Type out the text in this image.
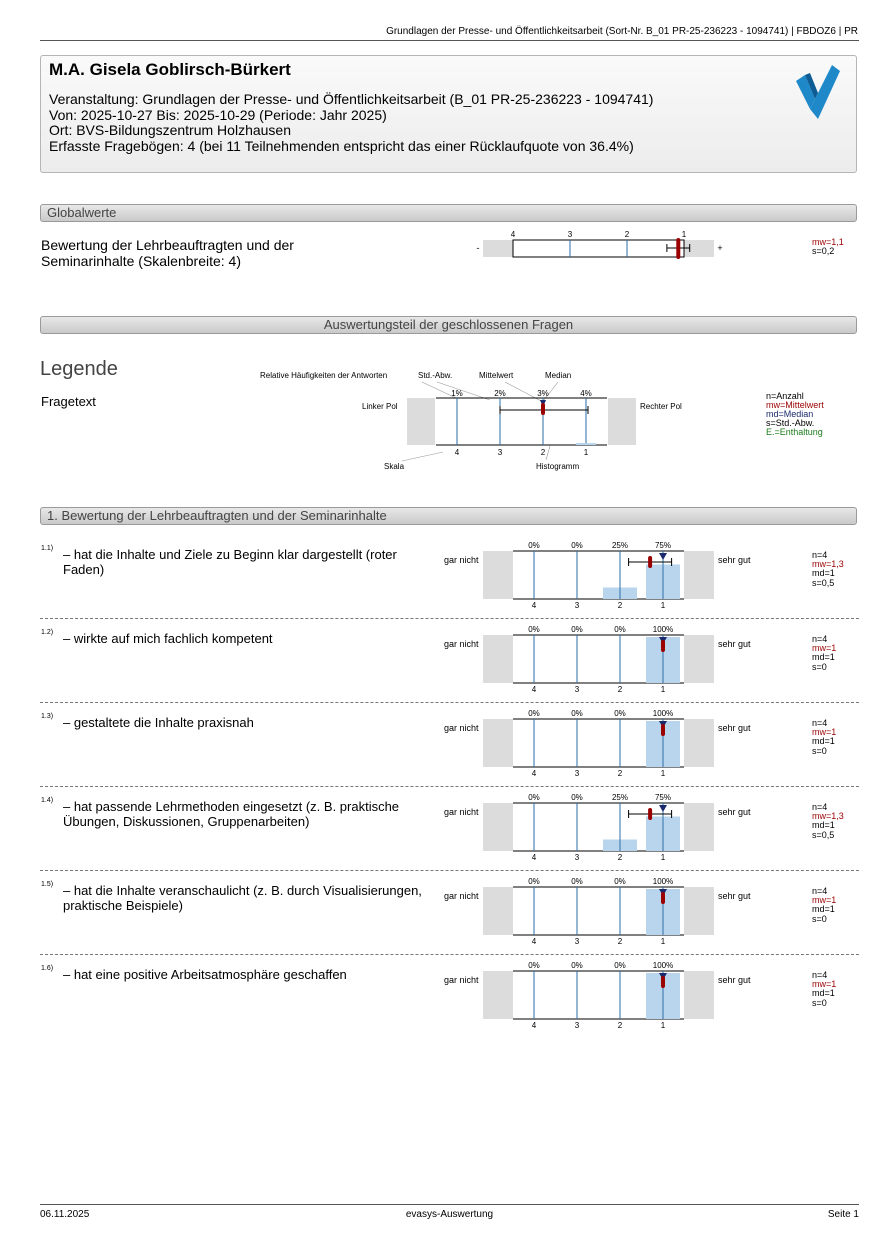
Grundlagen der Presse- und Öffentlichkeitsarbeit (Sort-Nr. B_01 PR-25-236223 - 1094741) | FBDOZ6 | PR
M.A. Gisela Goblirsch-Bürkert
Veranstaltung: Grundlagen der Presse- und Öffentlichkeitsarbeit (B_01 PR-25-236223 - 1094741)
Von: 2025-10-27 Bis: 2025-10-29 (Periode: Jahr 2025)
Ort: BVS-Bildungszentrum Holzhausen
Erfasste Fragebögen: 4 (bei 11 Teilnehmenden entspricht das einer Rücklaufquote von 36.4%)
Globalwerte
Bewertung der Lehrbeauftragten und der Seminarinhalte (Skalenbreite: 4)
-	+
4	3	2	1
mw=1,1
s=0,2
Auswertungsteil der geschlossenen Fragen
Legende
Fragetext
Relative Häufigkeiten der Antworten	Std.-Abw.	Mittelwert	Median
Linker Pol	Rechter Pol
1%
4
2%
3
3%
2
4%
1
Skala	Histogramm
n=Anzahl
mw=Mittelwert
md=Median
s=Std.-Abw.
E.=Enthaltung
1. Bewertung der Lehrbeauftragten und der Seminarinhalte
1.1) – hat die Inhalte und Ziele zu Beginn klar dargestellt (roter Faden)
gar nicht	sehr gut	n=4
mw=1,3
md=1
s=0,5
0%
4
0%
3
25%
2
75%
1
1.2) – wirkte auf mich fachlich kompetent	gar nicht	sehr gut	n=4
mw=1
md=1
s=0
0%
4
0%
3
0%
2
100%
1
1.3) – gestaltete die Inhalte praxisnah	gar nicht	sehr gut	n=4
mw=1
md=1
s=0
0%
4
0%
3
0%
2
100%
1
1.4) – hat passende Lehrmethoden eingesetzt (z. B. praktische Übungen, Diskussionen, Gruppenarbeiten)
gar nicht	sehr gut	n=4
mw=1,3
md=1
s=0,5
0%
4
0%
3
25%
2
75%
1
1.5) – hat die Inhalte veranschaulicht (z. B. durch Visualisierungen, praktische Beispiele)
gar nicht	sehr gut	n=4
mw=1
md=1
s=0
0%
4
0%
3
0%
2
100%
1
1.6) – hat eine positive Arbeitsatmosphäre geschaffen	gar nicht	sehr gut	n=4
mw=1
md=1
s=0
0%
4
0%
3
0%
2
100%
1
06.11.2025	evasys-Auswertung	Seite 1
